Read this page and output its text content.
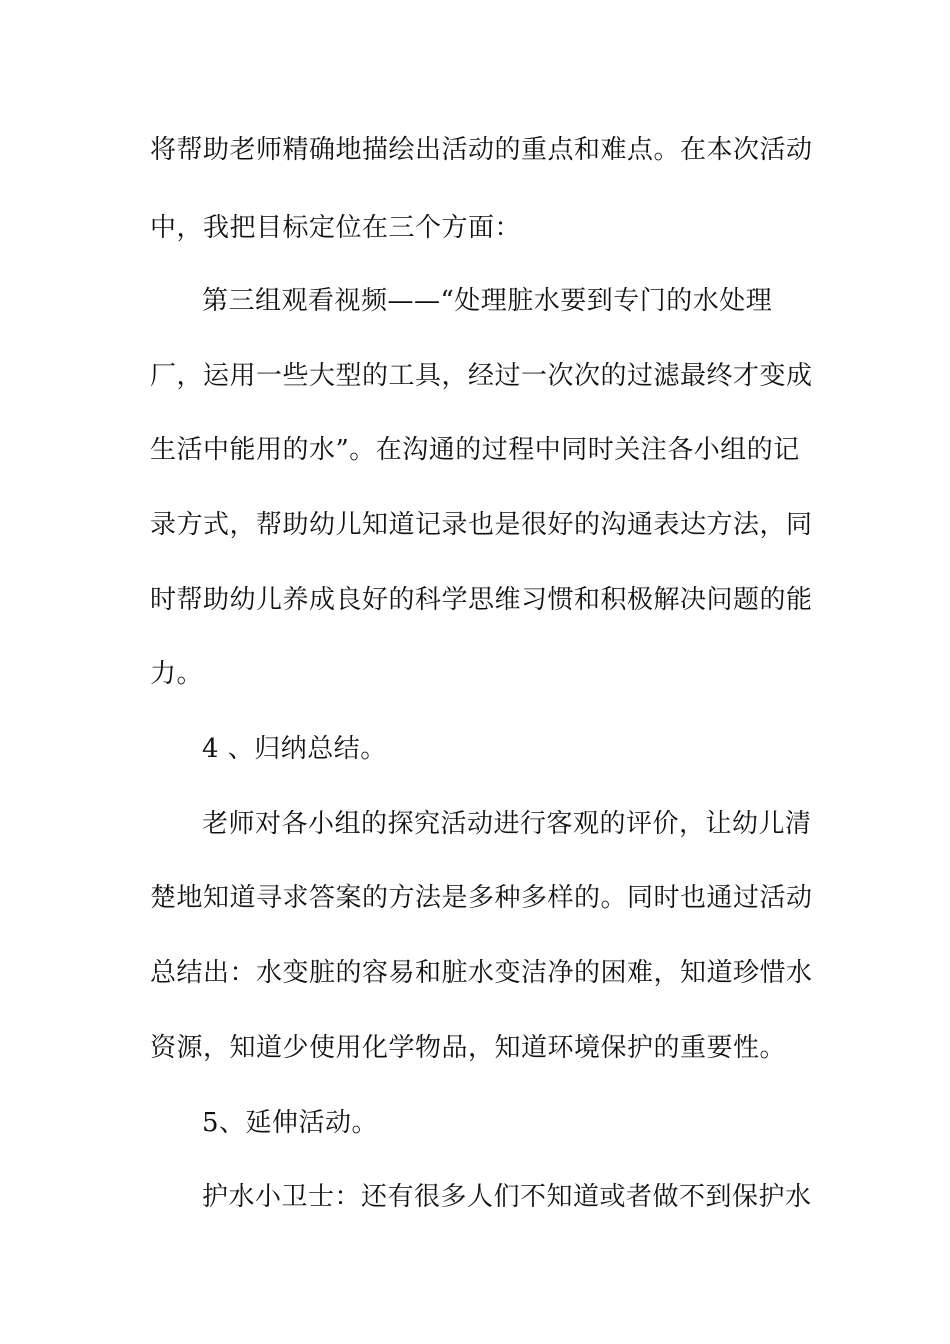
将帮助老师精确地描绘出活动的重点和难点。在本次活动
中，我把目标定位在三个方面：
第三组观看视频——“处理脏水要到专门的水处理
厂，运用一些大型的工具，经过一次次的过滤最终才变成
生活中能用的水”。在沟通的过程中同时关注各小组的记
录方式，帮助幼儿知道记录也是很好的沟通表达方法，同
时帮助幼儿养成良好的科学思维习惯和积极解决问题的能
力。
4 、归纳总结。
老师对各小组的探究活动进行客观的评价，让幼儿清
楚地知道寻求答案的方法是多种多样的。同时也通过活动
总结出：水变脏的容易和脏水变洁净的困难，知道珍惜水
资源，知道少使用化学物品，知道环境保护的重要性。
5、延伸活动。
护水小卫士：还有很多人们不知道或者做不到保护水
